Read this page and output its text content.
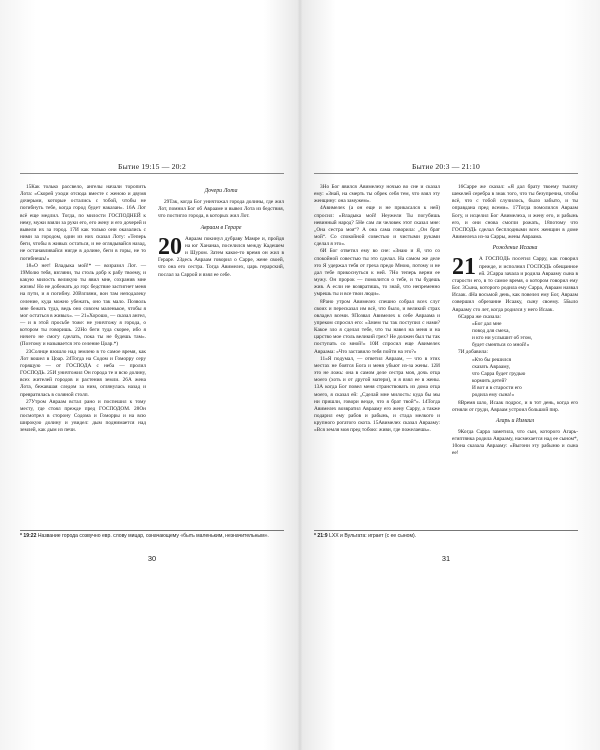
Бытие 19:15 — 20:2

15Как только рассвело, ангелы начали торопить Лота: «Скорей уходи отсюда вместе с женою и двумя дочерьми, которые остались с тобой, чтобы не погибнуть тебе, когда город будет наказан». 16А Лот всё еще медлил. Тогда, по милости ГОСПОДНЕЙ к нему, мужи взяли за руки его, его жену и его дочерей и вывели их за город. 17И как только они оказались с ними за городом, один из них сказал Лоту: «Теперь беги, чтобы в живых остаться, и не оглядывайся назад, не останавливайся нигде в долине, беги в горы, не то погибнешь!»

18«О нет! Владыка мой!* — возразил Лот. — 19Молю тебя, взгляни, ты столь добр к рабу твоему, и какую милость великую ты явил мне, сохранив мне жизнь! Но не добежать до гор: бедствие застигнет меня на пути, и я погибну. 20Взгляни, вон там неподалеку селение, куда можно убежать, оно так мало. Позволь мне бежать туда, ведь оно совсем маленькое, чтобы я мог остаться в живых». — 21«Хорошо, — сказал ангел, — и в этой просьбе тоже: не уничтожу я города, о котором ты говоришь. 22Но беги туда скорее, ибо я ничего не смогу сделать, пока ты не будешь там». (Поэтому и называется это селение Цоар.*)

23Солнце взошло над землею в то самое время, как Лот вошел в Цоар. 24Тогда на Содом и Гоморру серу горящую — от ГОСПОДА с неба — пролил ГОСПОДЬ. 25И уничтожил Он города те и всю долину, всех жителей городов и растения земли. 26А жена Лота, бежавшая следом за ним, оглянулась назад и превратилась в соляной столп.

27Утром Авраам встал рано и поспешил к тому месту, где стоял прежде пред ГОСПОДОМ. 28Он посмотрел в сторону Содома и Гоморры и на всю широкую долину и увидел: дым поднимается над землей, как дым из печи.

Дочери Лота

29Так, когда Бог уничтожал города долины, где жил Лот, помнил Бог об Аврааме и вывел Лота из бедствия, что постигло города, в которых жил Лот.

Авраам в Гераре

20 Авраам покинул дубраву Мамре и, пройдя на юг Хананаа, поселился между Кадешем и Шуром. Затем какое-то время он жил в Гераре. 2Здесь Авраам говорил о Сарре, жене своей, что она его сестра. Тогда Авимелех, царь герарский, послал за Саррой и взял ее себе.

* 19:22 Название города созвучно евр. слову мицар, означающему «быть маленьким, незначительным».
30
Бытие 20:3 — 21:10

3Но Бог явился Авимелеху ночью во сне и сказал ему: «Знай, на смерть ты обрек себя тем, что взял эту женщину: она замужем».

4Авимелех (а он еще и не прикасался к ней) спросил: «Владыка мой! Неужели Ты погубишь невинный народ? 5Не сам ли человек этот сказал мне: „Она сестра моя“? А она сама говорила: „Он брат мой“. Со спокойной совестью и чистыми руками сделал я это».

6И Бог ответил ему во сне: «Знаю и Я, что со спокойной совестью ты это сделал. На самом же деле это Я удержал тебя от греха предо Мною, потому и не дал тебе прикоснуться к ней. 7Но теперь верни ее мужу. Он пророк — помолится о тебе, и ты будешь жив. А если не возвратишь, то знай, что непременно умрешь ты и все твои люди».

8Рано утром Авимелех спешно собрал всех слуг своих и пересказал им всё, что было, и великий страх овладел всеми. 9Позвал Авимелех к себе Авраама и упреком спросил его: «Зачем ты так поступил с нами? Какое зло я сделал тебе, что ты навел на меня и на царство мое столь великий грех? Не должен был ты так поступать со мной!» 10И спросил еще Авимелех Авраама: «Что заставило тебя пойти на это?»

11«Я подумал, — ответил Авраам, — что в этих местах не боятся Бога и меня убьют из-за жены. 12И это не ложь: она в самом деле сестра моя, дочь отца моего (хоть и от другой матери), и я взял ее в жены. 13А когда Бог повел меня странствовать из дома отца моего, я сказал ей: „Сделай мне милость: куда бы мы ни пришли, говори везде, что я брат твой“». 14Тогда Авимелех возвратил Аврааму его жену Сарру, а также подарил ему рабов и рабынь, и стада мелкого и крупного рогатого скота. 15Авимелех сказал Аврааму: «Вся земля моя пред тобою: живи, где пожелаешь».

16Сарре же сказал: «Я дал брату твоему тысячу шекелей серебра в знак того, что ты безупречна, чтобы всё, что с тобой случилось, было забыто, и ты оправдана пред всеми». 17Тогда помолился Авраам Богу, и исцелил Бог Авимелеха, и жену его, и рабынь его, и они снова смогли рожать, 18потому что ГОСПОДЬ сделал бесплодными всех женщин в доме Авимелеха из-за Сарры, жены Авраама.

Рождение Исаака

21 А ГОСПОДЬ посетил Сарру, как говорил прежде, и исполнил ГОСПОДЬ обещанное ей. 2Сарра зачала и родила Аврааму сына в старости его, в то самое время, о котором говорил ему Бог. 3Сына, которого родила ему Сарра, Авраам назвал Исаак. 4На восьмой день, как повелел ему Бог, Авраам совершил обрезание Исааку, сыну своему. 5Было Аврааму сто лет, когда родился у него Исаак.

6Сарра же сказала:

«Бог дал мне
повод для смеха,
и кто ни услышит об этом,
будет смеяться со мной!»

7И добавила:

«Кто бы решился
сказать Аврааму,
что Сарра будет грудью
кормить детей?
И вот я в старости его
родила ему сына!»

8Время шло, Исаак подрос, и в тот день, когда его отняли от груди, Авраам устроил большой пир.

Агарь и Измаил

9Когда Сарра заметила, что сын, которого Агарь-египтянка родила Аврааму, насмехается над ее сыном*, 10она сказала Аврааму: «Выгони эту рабыню и сына ее!

* 21:9 LXX и Вульгата: играет (с ее сыном).
31
